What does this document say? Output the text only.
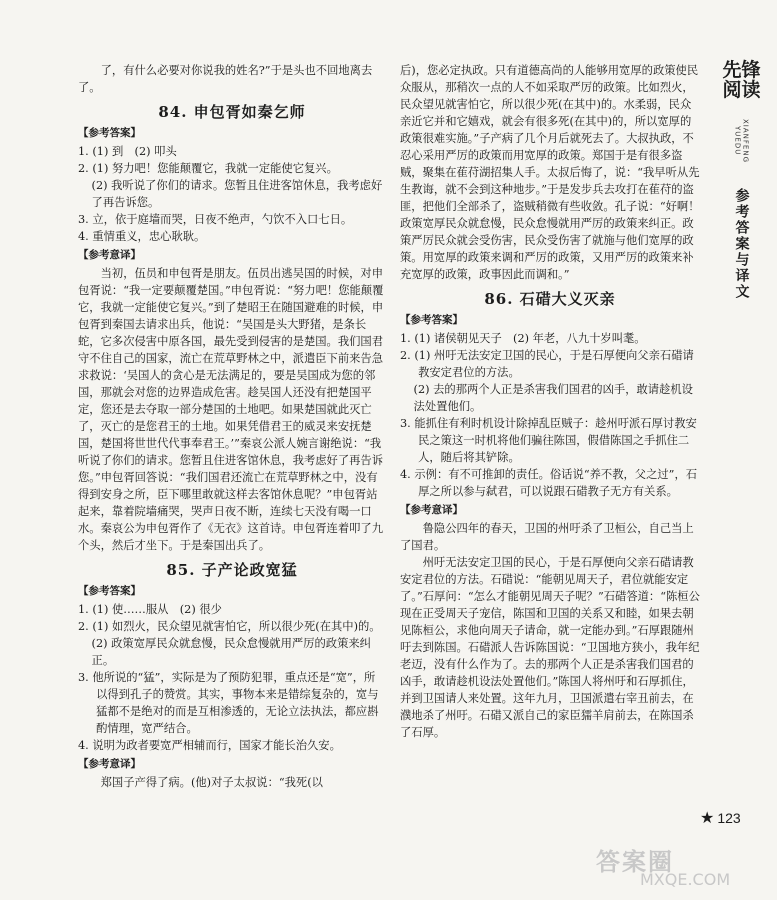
了，有什么必要对你说我的姓名?”于是头也不回地离去了。

84. 申包胥如秦乞师
【参考答案】

1. (1) 到　(2) 叩头

2. (1) 努力吧！您能颠覆它，我就一定能使它复兴。

(2) 我听说了你们的请求。您暂且住进客馆休息，我考虑好了再告诉您。

3. 立，依于庭墙而哭，日夜不绝声，勺饮不入口七日。

4. 重情重义，忠心耿耿。

【参考意译】

当初，伍员和申包胥是朋友。伍员出逃吴国的时候，对申包胥说：“我一定要颠覆楚国。”申包胥说：“努力吧！您能颠覆它，我就一定能使它复兴。”到了楚昭王在随国避难的时候，申包胥到秦国去请求出兵，他说：“吴国是头大野猪，是条长蛇，它多次侵害中原各国，最先受到侵害的是楚国。我们国君守不住自己的国家，流亡在荒草野林之中，派遣臣下前来告急求救说：‘吴国人的贪心是无法满足的，要是吴国成为您的邻国，那就会对您的边界造成危害。趁吴国人还没有把楚国平定，您还是去夺取一部分楚国的土地吧。如果楚国就此灭亡了，灭亡的是您君王的土地。如果凭借君王的威灵来安抚楚国，楚国将世世代代事奉君王。’”秦哀公派人婉言谢绝说：“我听说了你们的请求。您暂且住进客馆休息，我考虑好了再告诉您。”申包胥回答说：“我们国君还流亡在荒草野林之中，没有得到安身之所，臣下哪里敢就这样去客馆休息呢？”申包胥站起来，靠着院墙痛哭，哭声日夜不断，连续七天没有喝一口水。秦哀公为申包胥作了《无衣》这首诗。申包胥连着叩了九个头，然后才坐下。于是秦国出兵了。

85. 子产论政宽猛
【参考答案】

1. (1) 使……服从　(2) 很少

2. (1) 如烈火，民众望见就害怕它，所以很少死(在其中)的。

(2) 政策宽厚民众就怠慢，民众怠慢就用严厉的政策来纠正。

3. 他所说的“猛”，实际是为了预防犯罪，重点还是“宽”，所以得到孔子的赞赏。其实，事物本来是错综复杂的，宽与猛都不是绝对的而是互相渗透的，无论立法执法，都应斟酌情理，宽严结合。

4. 说明为政者要宽严相辅而行，国家才能长治久安。

【参考意译】

郑国子产得了病。(他)对子太叔说：“我死(以

后)，您必定执政。只有道德高尚的人能够用宽厚的政策使民众服从，那稍次一点的人不如采取严厉的政策。比如烈火，民众望见就害怕它，所以很少死(在其中)的。水柔弱，民众亲近它并和它嬉戏，就会有很多死(在其中)的，所以宽厚的政策很难实施。”子产病了几个月后就死去了。大叔执政，不忍心采用严厉的政策而用宽厚的政策。郑国于是有很多盗贼，聚集在萑苻湖招集人手。太叔后悔了，说：“我早听从先生教诲，就不会到这种地步。”于是发步兵去攻打在萑苻的盗匪，把他们全部杀了，盗贼稍微有些收敛。孔子说：“好啊！政策宽厚民众就怠慢，民众怠慢就用严厉的政策来纠正。政策严厉民众就会受伤害，民众受伤害了就施与他们宽厚的政策。用宽厚的政策来调和严厉的政策，又用严厉的政策来补充宽厚的政策，政事因此而调和。”

86. 石碏大义灭亲
【参考答案】

1. (1) 诸侯朝见天子　(2) 年老，八九十岁叫耄。

2. (1) 州吁无法安定卫国的民心，于是石厚便向父亲石碏请教安定君位的方法。

(2) 去的那两个人正是杀害我们国君的凶手，敢请趁机设法处置他们。

3. 能抓住有利时机设计除掉乱臣贼子：趁州吁派石厚讨教安民之策这一时机将他们骗往陈国，假借陈国之手抓住二人，随后将其铲除。

4. 示例：有不可推卸的责任。俗话说“养不教，父之过”，石厚之所以参与弑君，可以说跟石碏教子无方有关系。

【参考意译】

鲁隐公四年的春天，卫国的州吁杀了卫桓公，自己当上了国君。

州吁无法安定卫国的民心，于是石厚便向父亲石碏请教安定君位的方法。石碏说：“能朝见周天子，君位就能安定了。”石厚问：“怎么才能朝见周天子呢？”石碏答道：“陈桓公现在正受周天子宠信，陈国和卫国的关系又和睦，如果去朝见陈桓公，求他向周天子请命，就一定能办到。”石厚跟随州吁去到陈国。石碏派人告诉陈国说：“卫国地方狭小，我年纪老迈，没有什么作为了。去的那两个人正是杀害我们国君的凶手，敢请趁机设法处置他们。”陈国人将州吁和石厚抓住，并到卫国请人来处置。这年九月，卫国派遣右宰丑前去，在濮地杀了州吁。石碏又派自己的家臣獳羊肩前去，在陈国杀了石厚。

先锋
阅读
XIANFENG YUEDU
参考答案与译文
★ 123
答案圈
MXQE.COM
